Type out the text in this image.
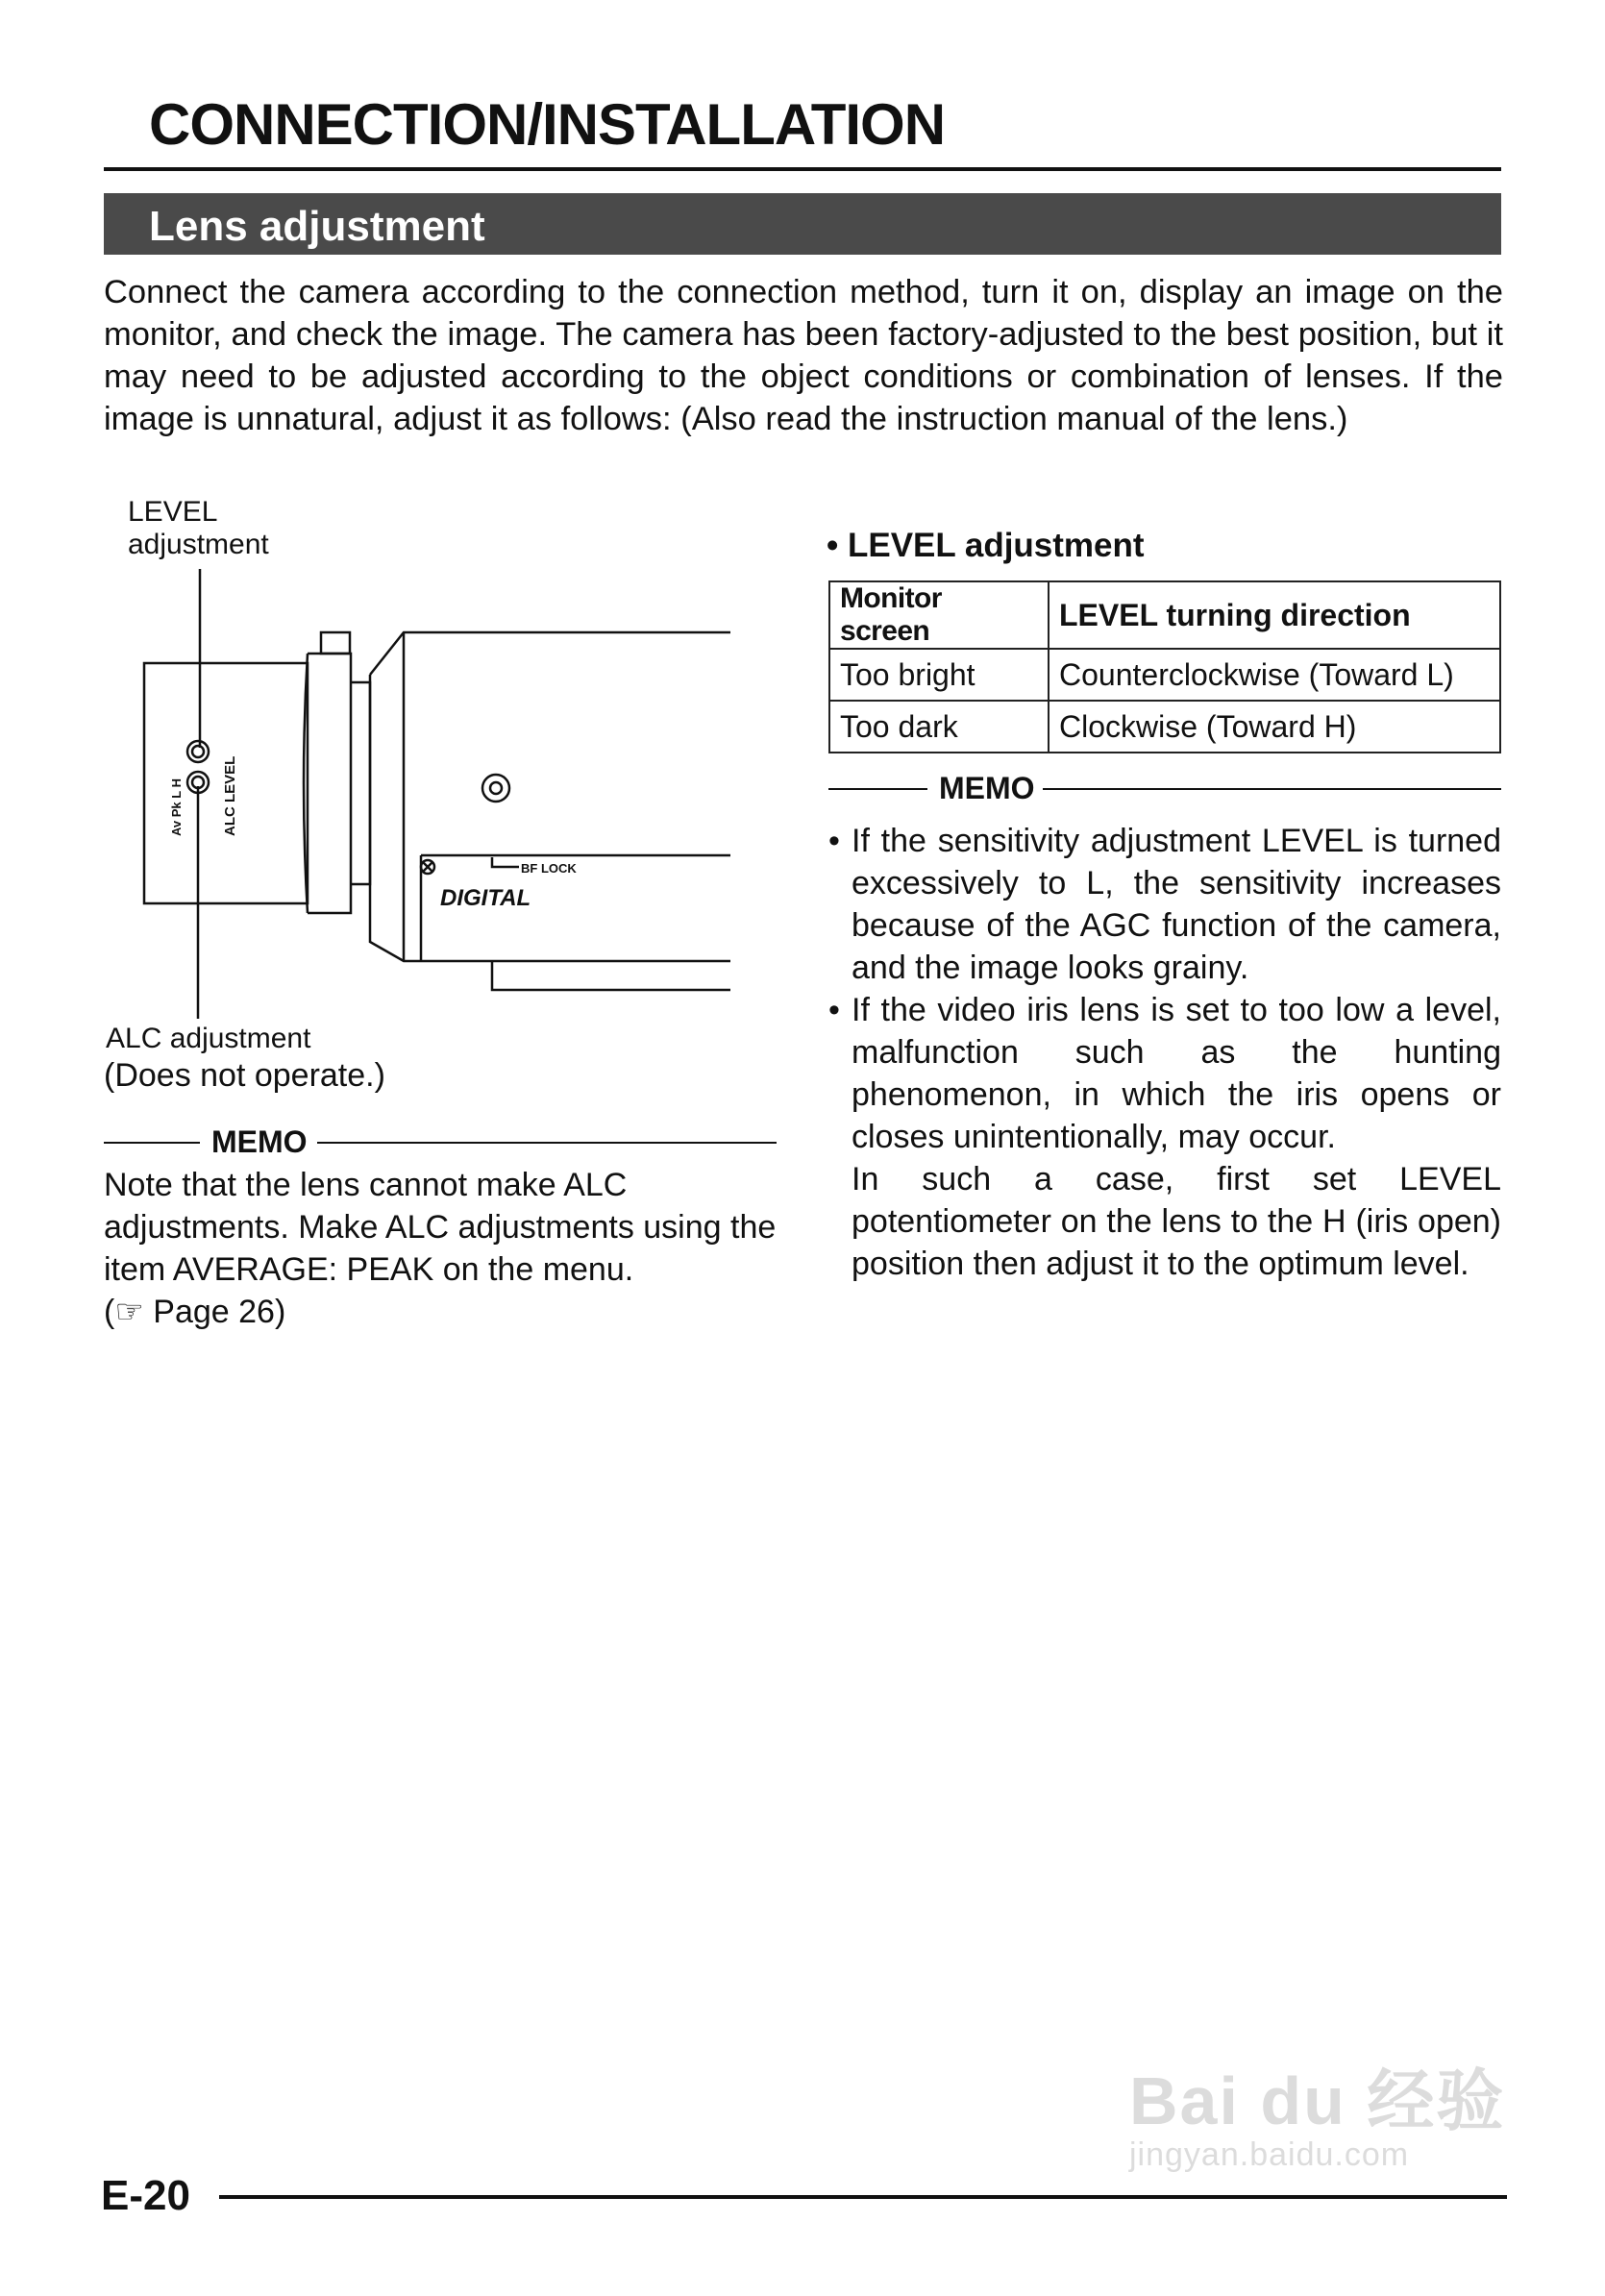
CONNECTION/INSTALLATION
Lens adjustment
Connect the camera according to the connection method, turn it on, display an image on the monitor, and check the image. The camera has been factory-adjusted to the best position, but it may need to be adjusted according to the object conditions or combination of lenses. If the image is unnatural, adjust it as follows: (Also read the instruction manual of the lens.)
LEVEL
adjustment
ALC adjustment
(Does not operate.)
Av Pk L H	ALC LEVEL
BF LOCK
DIGITAL
MEMO
Note that the lens cannot make ALC adjustments. Make ALC adjustments using the item AVERAGE: PEAK on the menu.
(☞ Page 26)
• LEVEL adjustment
Monitor screen	LEVEL turning direction
Too bright	Counterclockwise (Toward L)
Too dark	Clockwise (Toward H)
MEMO
• If the sensitivity adjustment LEVEL is turned excessively to L, the sensitivity increases because of the AGC function of the camera, and the image looks grainy.
• If the video iris lens is set to too low a level, malfunction such as the hunting phenomenon, in which the iris opens or closes unintentionally, may occur.
In such a case, first set LEVEL potentiometer on the lens to the H (iris open) position then adjust it to the optimum level.
Bai du 经验
jingyan.baidu.com
E-20
